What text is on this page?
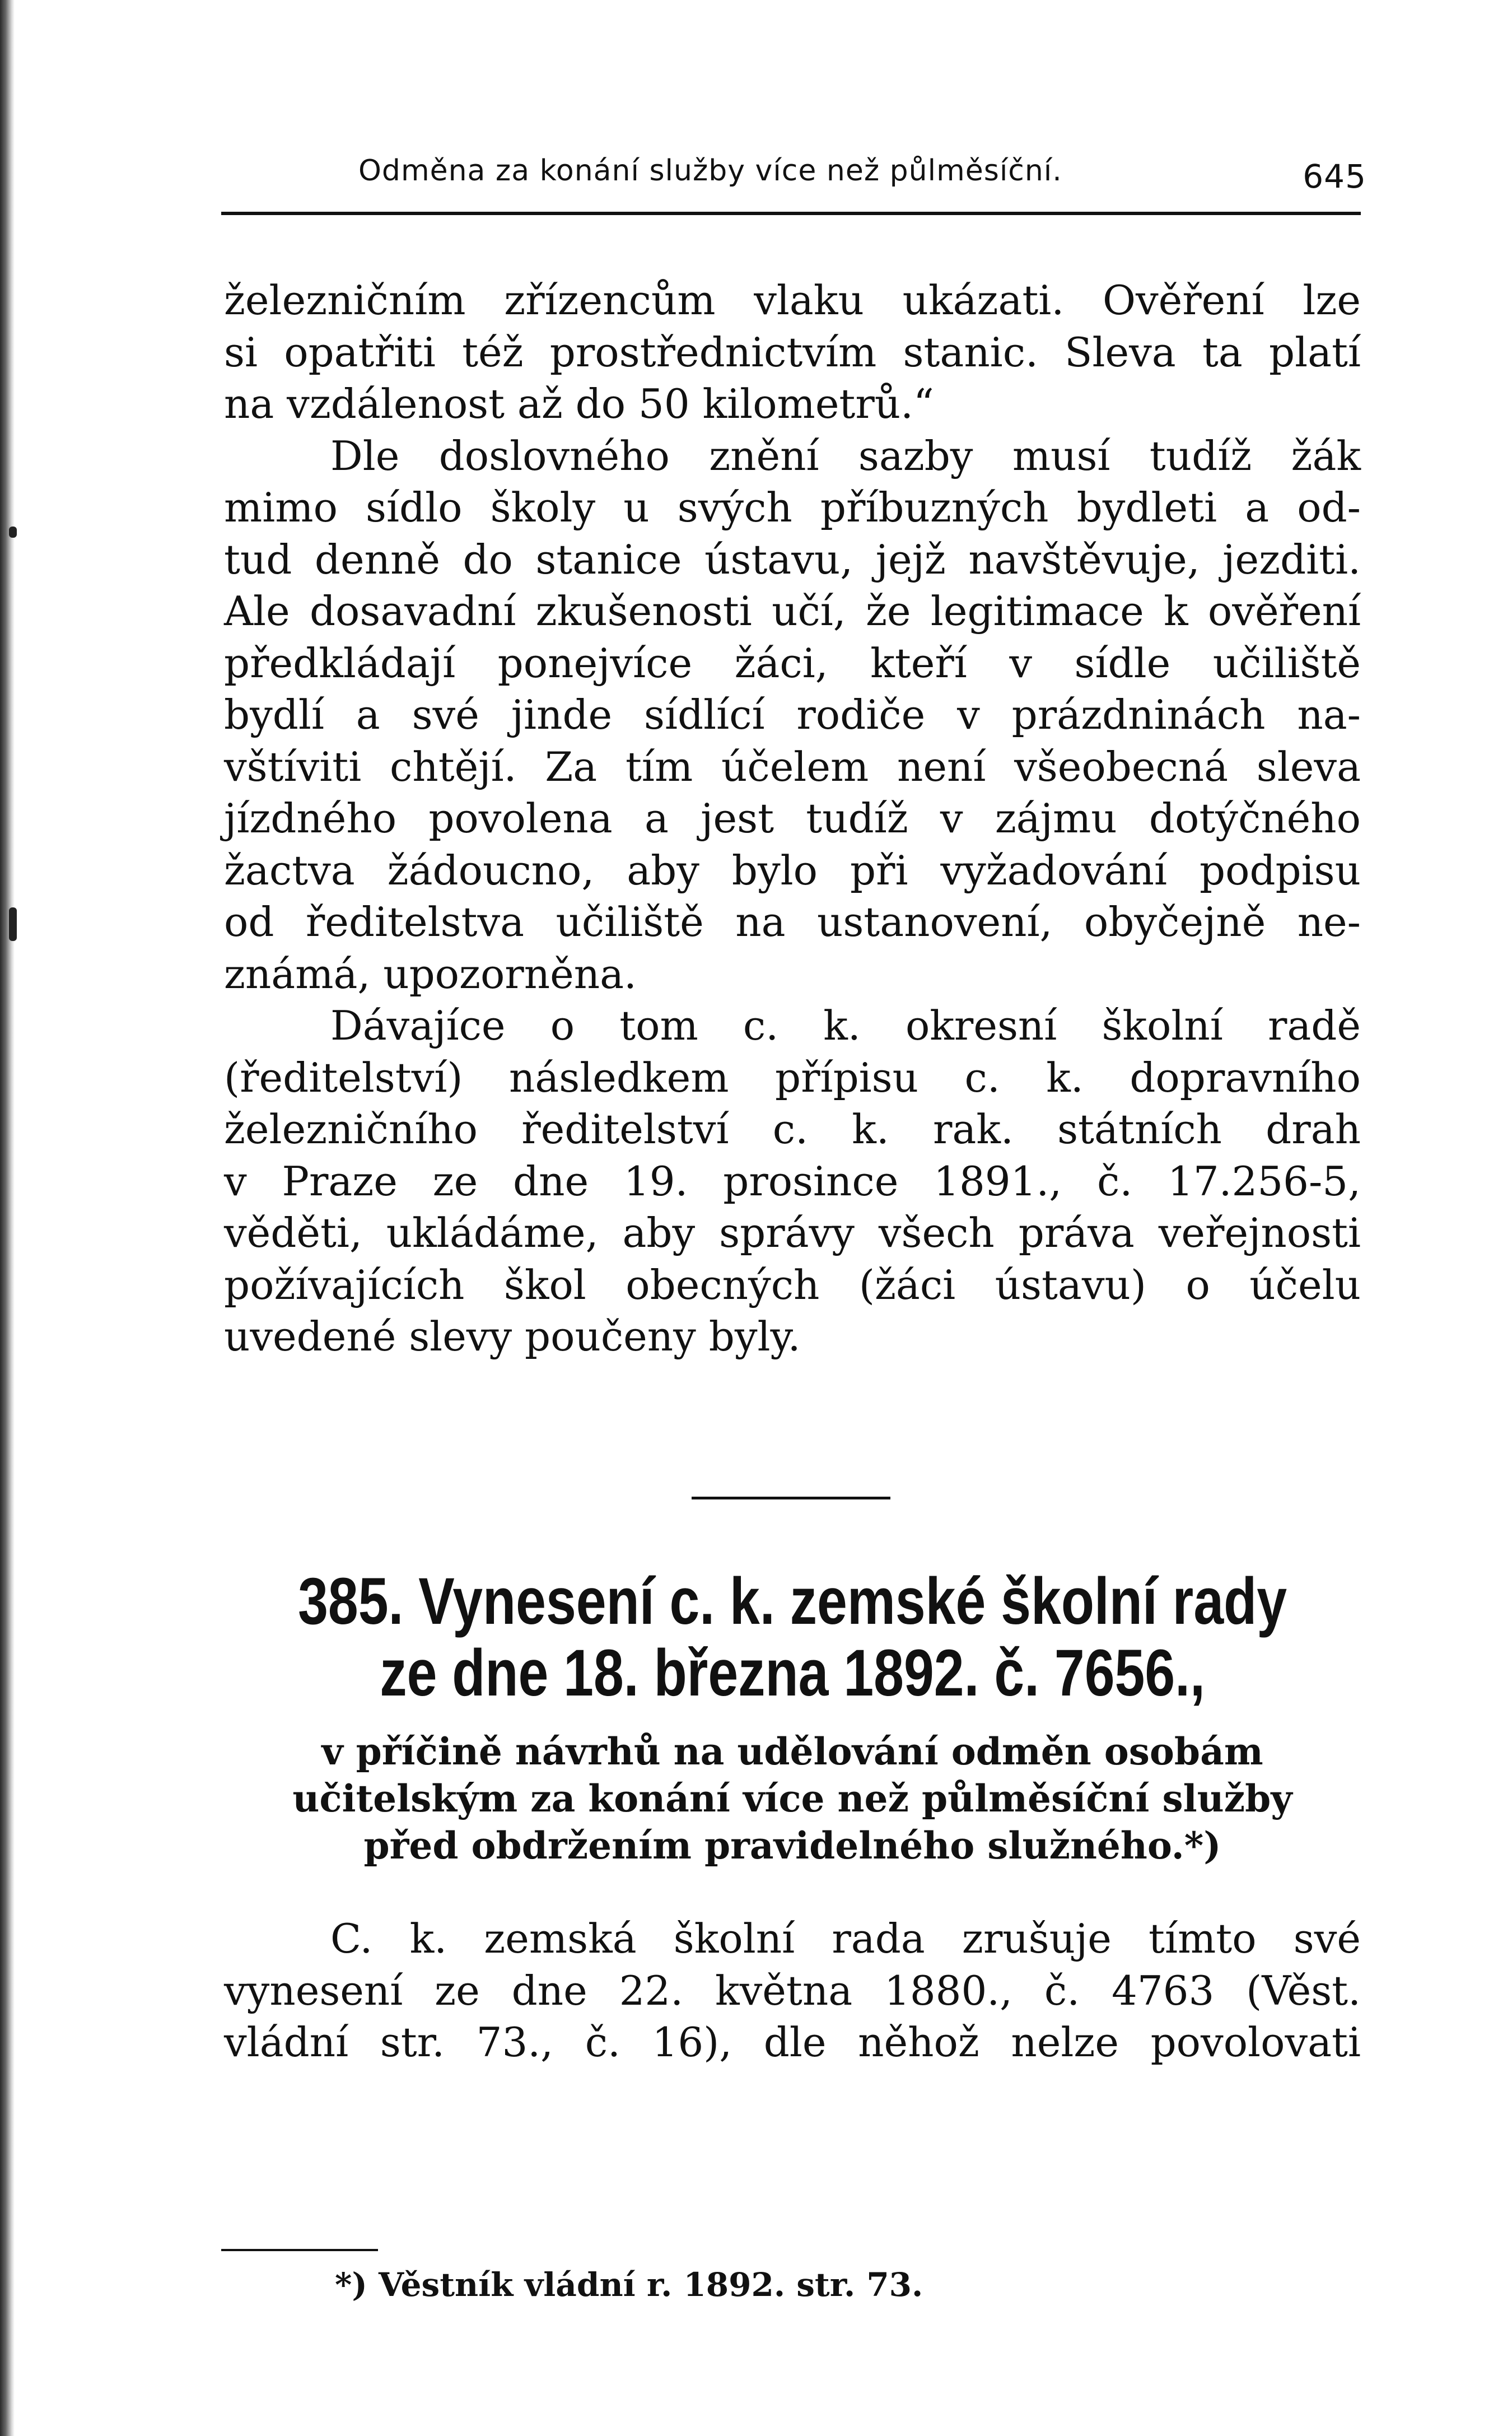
Odměna za konání služby více než půlměsíční.	645
železničním zřízencům vlaku ukázati. Ověření lze
si opatřiti též prostřednictvím stanic. Sleva ta platí
na vzdálenost až do 50 kilometrů.“
Dle doslovného znění sazby musí tudíž žák
mimo sídlo školy u svých příbuzných bydleti a od-
tud denně do stanice ústavu, jejž navštěvuje, jezditi.
Ale dosavadní zkušenosti učí, že legitimace k ověření
předkládají ponejvíce žáci, kteří v sídle učiliště
bydlí a své jinde sídlící rodiče v prázdninách na-
vštíviti chtějí. Za tím účelem není všeobecná sleva
jízdného povolena a jest tudíž v zájmu dotýčného
žactva žádoucno, aby bylo při vyžadování podpisu
od ředitelstva učiliště na ustanovení, obyčejně ne-
známá, upozorněna.
Dávajíce o tom c. k. okresní školní radě
(ředitelství) následkem přípisu c. k. dopravního
železničního ředitelství c. k. rak. státních drah
v Praze ze dne 19. prosince 1891., č. 17.256-5,
věděti, ukládáme, aby správy všech práva veřejnosti
požívajících škol obecných (žáci ústavu) o účelu
uvedené slevy poučeny byly.
385. Vynesení c. k. zemské školní rady
ze dne 18. března 1892. č. 7656.,
v příčině návrhů na udělování odměn osobám
učitelským za konání více než půlměsíční služby
před obdržením pravidelného služného.*)
C. k. zemská školní rada zrušuje tímto své
vynesení ze dne 22. května 1880., č. 4763 (Věst.
vládní str. 73., č. 16), dle něhož nelze povolovati
*) Věstník vládní r. 1892. str. 73.
